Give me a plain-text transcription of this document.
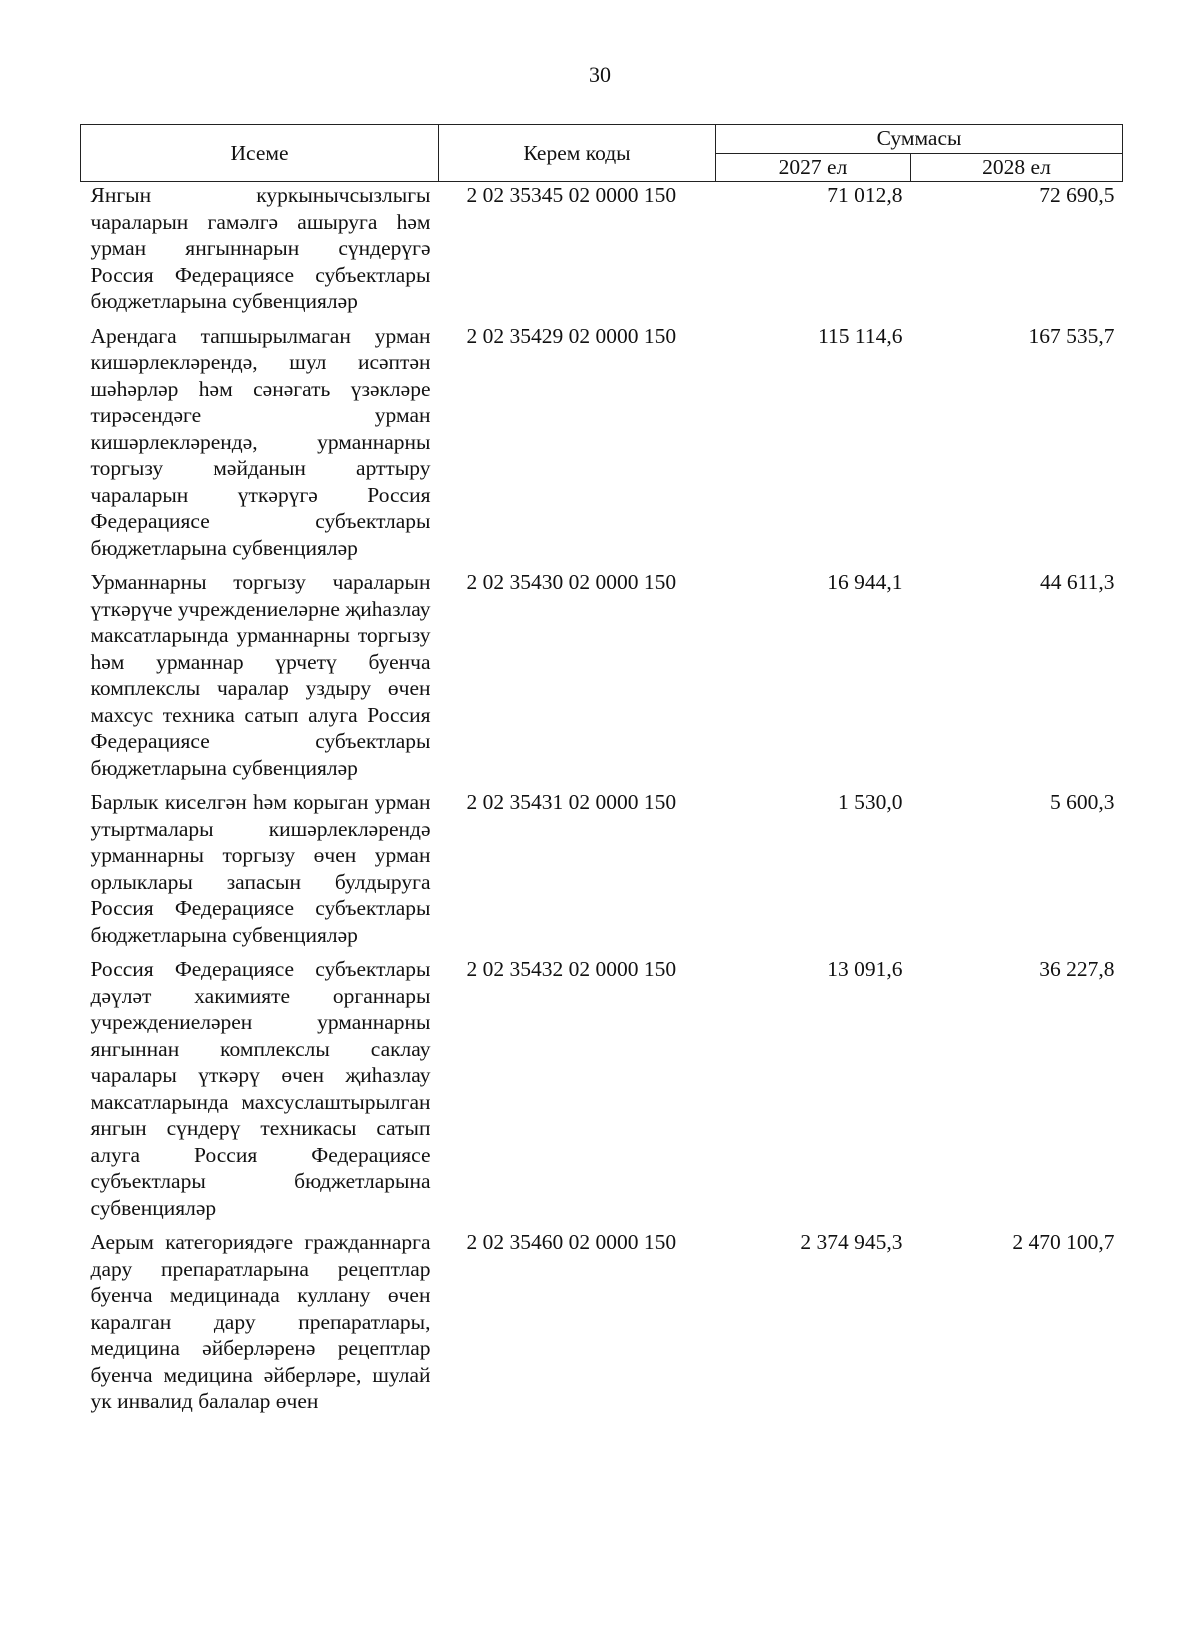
30
Исеме	Керем коды	Суммасы	
		2027 ел	2028 ел
Янгын куркынычсызлыгы чараларын гамәлгә ашыруга һәм урман янгыннарын сүндерүгә Россия Федерациясе субъектлары бюджетларына субвенцияләр	2 02 35345 02 0000 150	71 012,8	72 690,5
Арендага тапшырылмаган урман кишәрлекләрендә, шул исәптән шәһәрләр һәм сәнәгать үзәкләре тирәсендәге урман кишәрлекләрендә, урманнарны торгызу мәйданын арттыру чараларын үткәрүгә Россия Федерациясе субъектлары бюджетларына субвенцияләр	2 02 35429 02 0000 150	115 114,6	167 535,7
Урманнарны торгызу чараларын үткәрүче учреждениеләрне җиһазлау максатларында урманнарны торгызу һәм урманнар үрчетү буенча комплекслы чаралар уздыру өчен махсус техника сатып алуга Россия Федерациясе субъектлары бюджетларына субвенцияләр	2 02 35430 02 0000 150	16 944,1	44 611,3
Барлык киселгән һәм корыган урман утыртмалары кишәрлекләрендә урманнарны торгызу өчен урман орлыклары запасын булдыруга Россия Федерациясе субъектлары бюджетларына субвенцияләр	2 02 35431 02 0000 150	1 530,0	5 600,3
Россия Федерациясе субъектлары дәүләт хакимияте органнары учреждениеләрен урманнарны янгыннан комплекслы саклау чаралары үткәрү өчен җиһазлау максатларында махсуслаштырылган янгын сүндерү техникасы сатып алуга Россия Федерациясе субъектлары бюджетларына субвенцияләр	2 02 35432 02 0000 150	13 091,6	36 227,8
Аерым категориядәге гражданнарга дару препаратларына рецептлар буенча медицинада куллану өчен каралган дару препаратлары, медицина әйберләренә рецептлар буенча медицина әйберләре, шулай ук инвалид балалар өчен	2 02 35460 02 0000 150	2 374 945,3	2 470 100,7
